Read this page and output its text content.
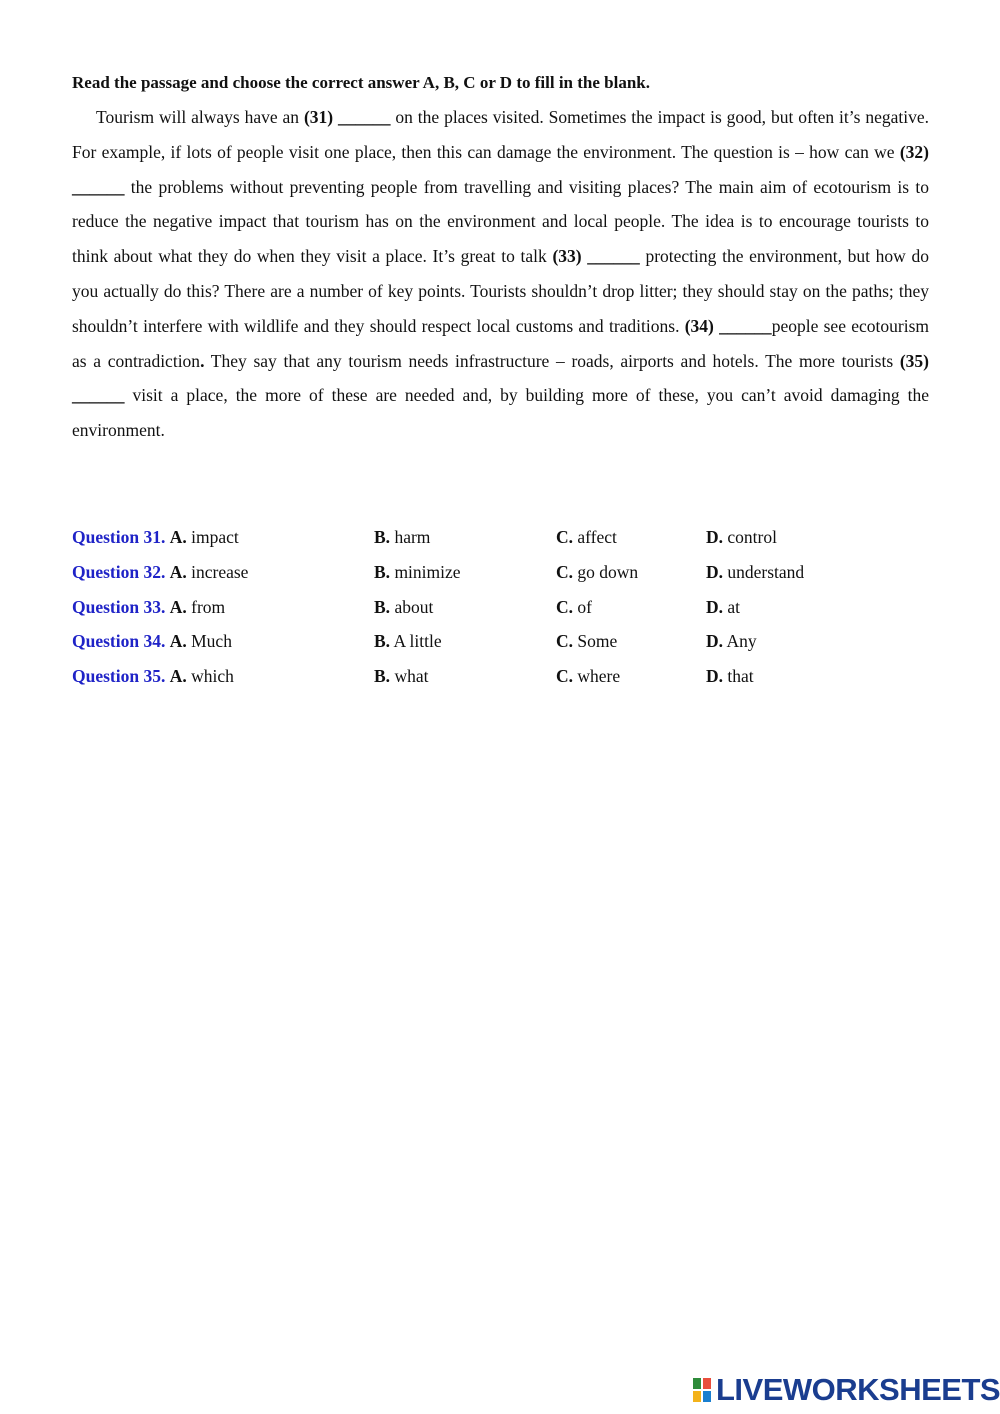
Read the passage and choose the correct answer A, B, C or D to fill in the blank.

Tourism will always have an (31) ______ on the places visited. Sometimes the impact is good, but often it’s negative. For example, if lots of people visit one place, then this can damage the environment. The question is – how can we (32) ______ the problems without preventing people from travelling and visiting places? The main aim of ecotourism is to reduce the negative impact that tourism has on the environment and local people. The idea is to encourage tourists to think about what they do when they visit a place. It’s great to talk (33) ______ protecting the environment, but how do you actually do this? There are a number of key points. Tourists shouldn’t drop litter; they should stay on the paths; they shouldn’t interfere with wildlife and they should respect local customs and traditions. (34) ______people see ecotourism as a contradiction. They say that any tourism needs infrastructure – roads, airports and hotels. The more tourists (35) ______ visit a place, the more of these are needed and, by building more of these, you can’t avoid damaging the environment.

Question 31. A. impact	B. harm	C. affect	D. control
Question 32. A. increase	B. minimize	C. go down	D. understand
Question 33. A. from	B. about	C. of	D. at
Question 34. A. Much	B. A little	C. Some	D. Any
Question 35. A. which	B. what	C. where	D. that
LIVEWORKSHEETS
